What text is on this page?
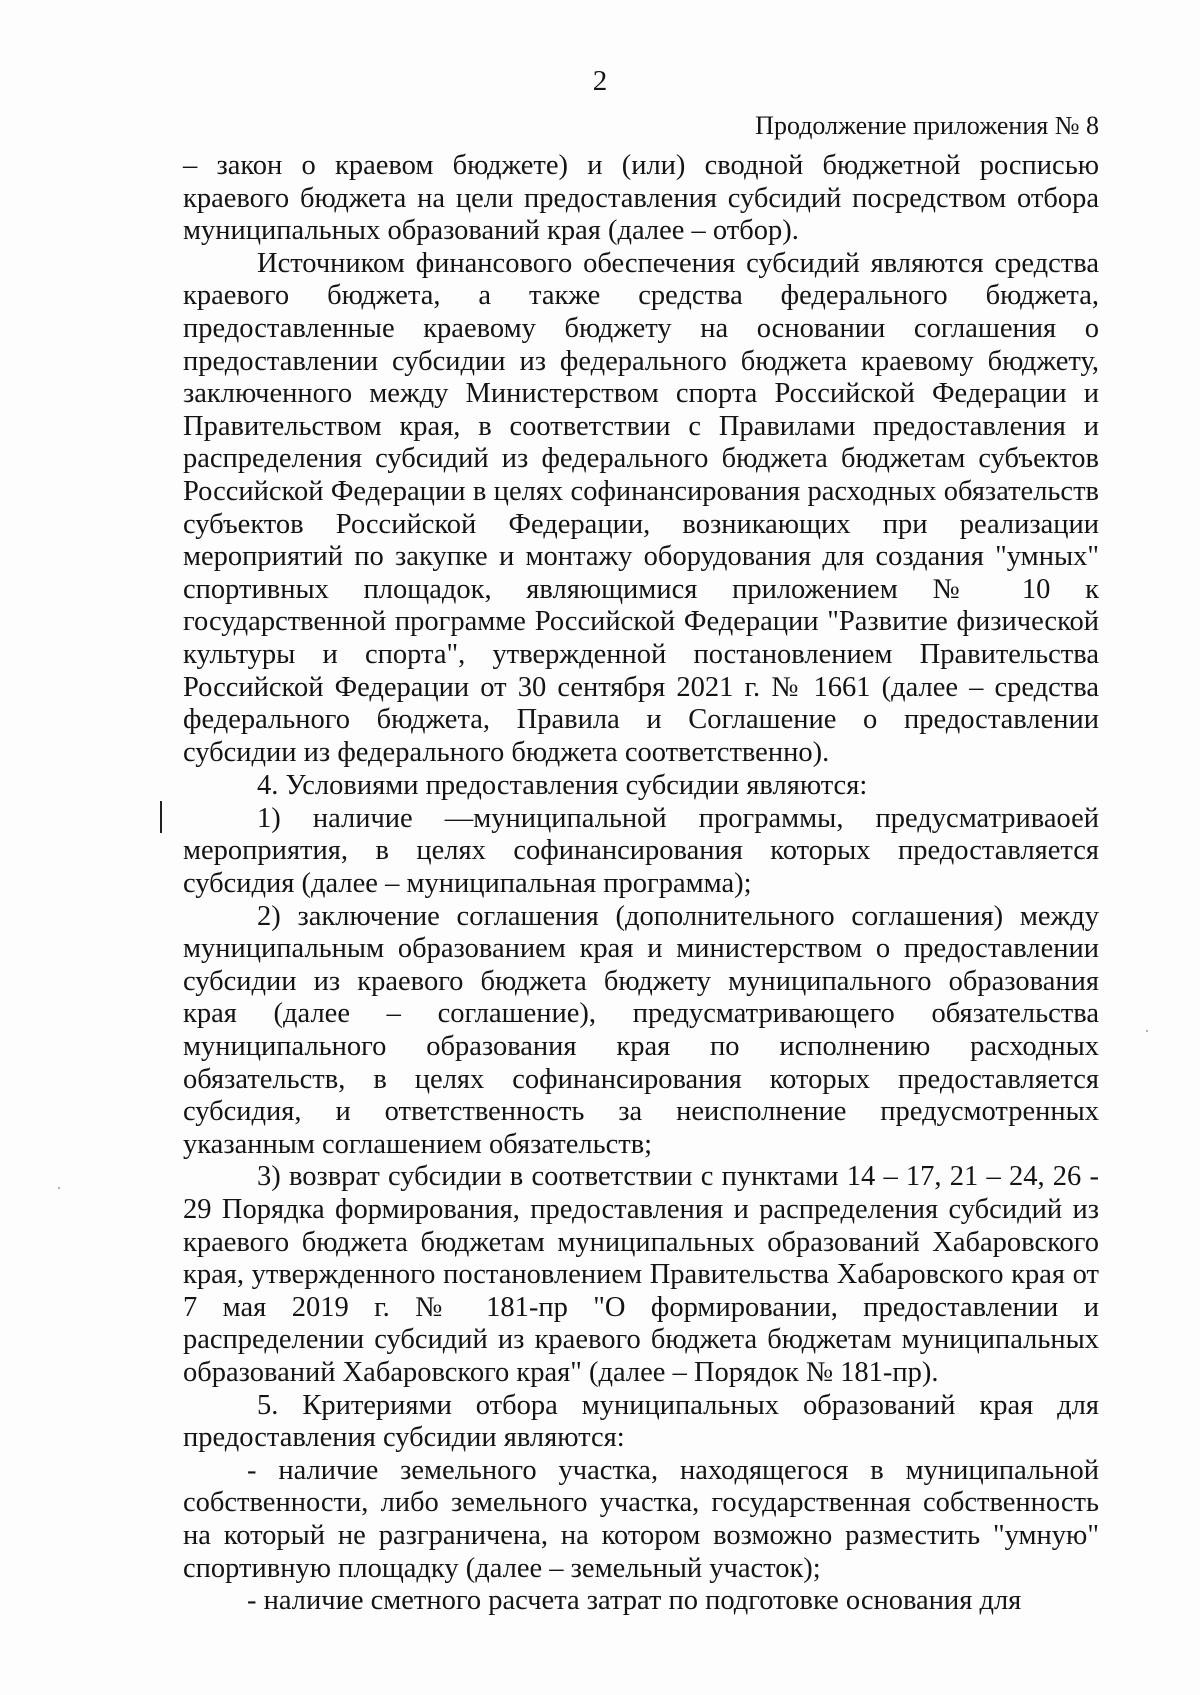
2
Продолжение приложения № 8

– закон о краевом бюджете) и (или) сводной бюджетной росписью краевого бюджета на цели предоставления субсидий посредством отбора муниципальных образований края (далее – отбор).

Источником финансового обеспечения субсидий являются средства краевого бюджета, а также средства федерального бюджета, предоставленные краевому бюджету на основании соглашения о предоставлении субсидии из федерального бюджета краевому бюджету, заключенного между Министерством спорта Российской Федерации и Правительством края, в соответствии с Правилами предоставления и распределения субсидий из федерального бюджета бюджетам субъектов Российской Федерации в целях софинансирования расходных обязательств субъектов Российской Федерации, возникающих при реализации мероприятий по закупке и монтажу оборудования для создания "умных" спортивных площадок, являющимися приложением № 10 к государственной программе Российской Федерации "Развитие физической культуры и спорта", утвержденной постановлением Правительства Российской Федерации от 30 сентября 2021 г. № 1661 (далее – средства федерального бюджета, Правила и Соглашение о предоставлении субсидии из федерального бюджета соответственно).

4. Условиями предоставления субсидии являются:

1) наличие —муниципальной программы, предусматриваоей мероприятия, в целях софинансирования которых предоставляется субсидия (далее – муниципальная программа);

2) заключение соглашения (дополнительного соглашения) между муниципальным образованием края и министерством о предоставлении субсидии из краевого бюджета бюджету муниципального образования края (далее – соглашение), предусматривающего обязательства муниципального образования края по исполнению расходных обязательств, в целях софинансирования которых предоставляется субсидия, и ответственность за неисполнение предусмотренных указанным соглашением обязательств;

3) возврат субсидии в соответствии с пунктами 14 – 17, 21 – 24, 26 - 29 Порядка формирования, предоставления и распределения субсидий из краевого бюджета бюджетам муниципальных образований Хабаровского края, утвержденного постановлением Правительства Хабаровского края от 7 мая 2019 г. № 181-пр "О формировании, предоставлении и распределении субсидий из краевого бюджета бюджетам муниципальных образований Хабаровского края" (далее – Порядок № 181-пр).

5. Критериями отбора муниципальных образований края для предоставления субсидии являются:

- наличие земельного участка, находящегося в муниципальной собственности, либо земельного участка, государственная собственность на который не разграничена, на котором возможно разместить "умную" спортивную площадку (далее – земельный участок);

- наличие сметного расчета затрат по подготовке основания для
